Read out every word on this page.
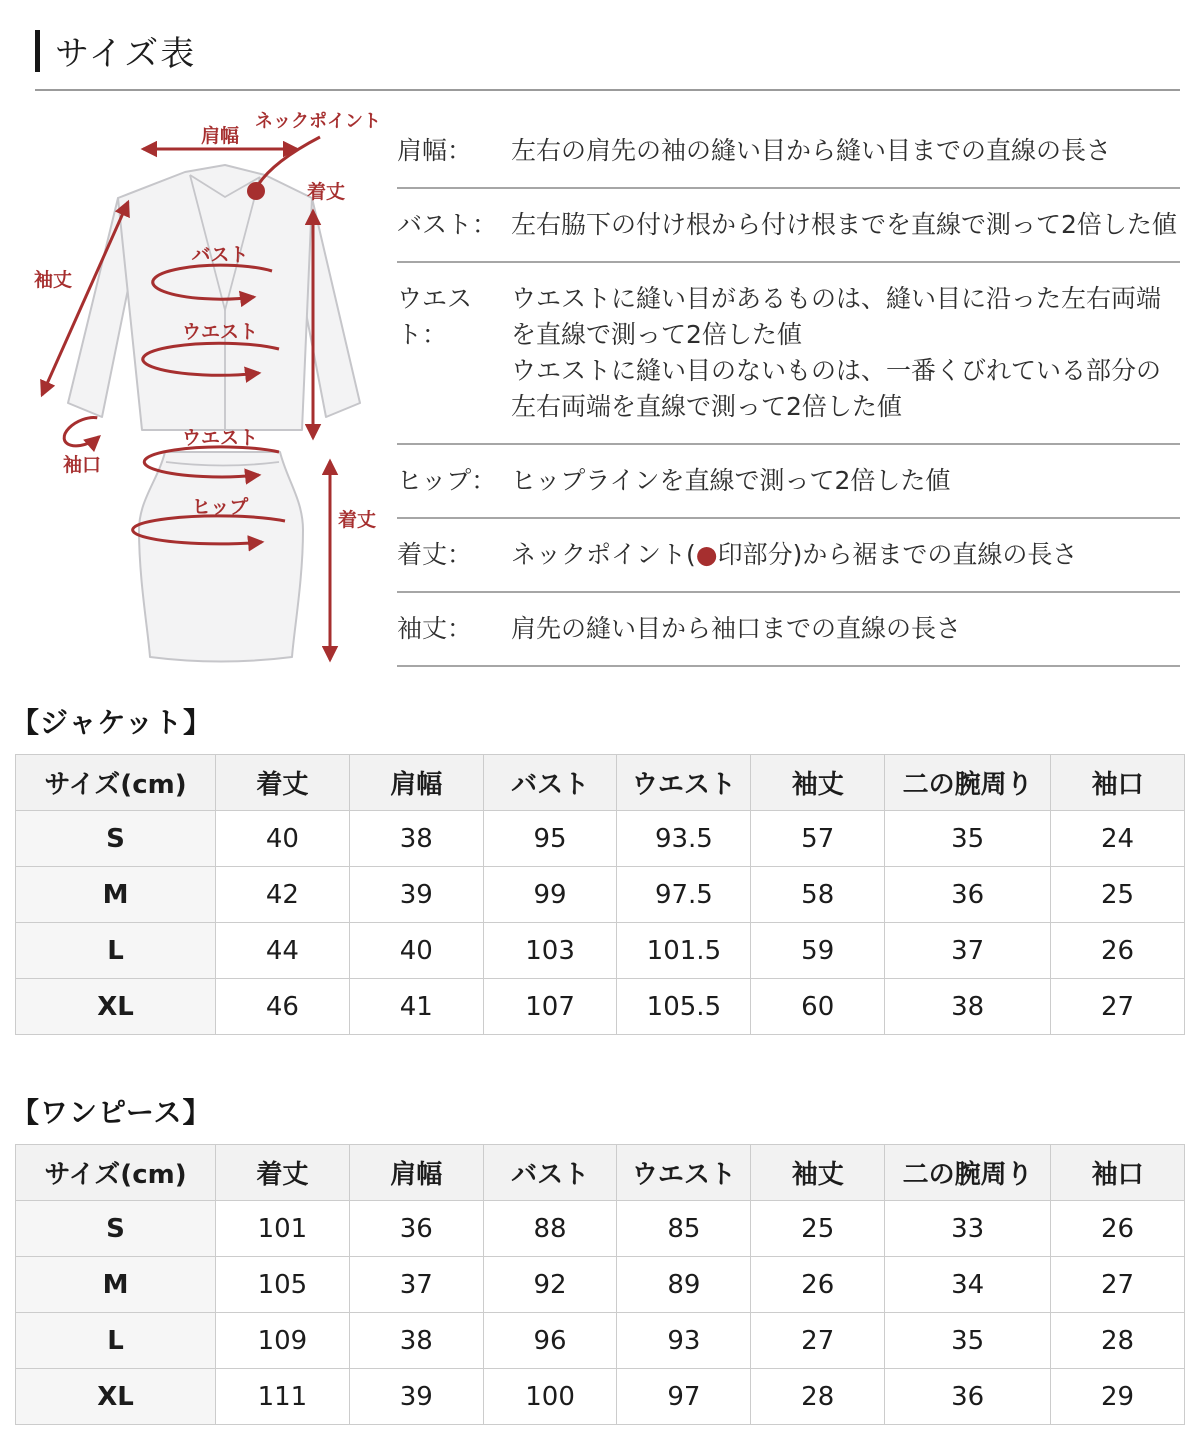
サイズ表
肩幅
ネックポイント
着丈
袖丈
バスト
ウエスト
袖口
ウエスト
ヒップ
着丈
肩幅：	左右の肩先の袖の縫い目から縫い目までの直線の長さ
バスト： 左右脇下の付け根から付け根までを直線で測って2倍した値
ウエスト：
ウエストに縫い目があるものは、縫い目に沿った左右両端
を直線で測って2倍した値
ウエストに縫い目のないものは、一番くびれている部分の
左右両端を直線で測って2倍した値
ヒップ： ヒップラインを直線で測って2倍した値
着丈：	ネックポイント(●印部分)から裾までの直線の長さ
袖丈：	肩先の縫い目から袖口までの直線の長さ
【ジャケット】
サイズ(cm)	着丈	肩幅	バスト	ウエスト	袖丈	二の腕周り	袖口
S	40	38	95	93.5	57	35	24
M	42	39	99	97.5	58	36	25
L	44	40	103	101.5	59	37	26
XL	46	41	107	105.5	60	38	27
【ワンピース】
サイズ(cm)	着丈	肩幅	バスト	ウエスト	袖丈	二の腕周り	袖口
S	101	36	88	85	25	33	26
M	105	37	92	89	26	34	27
L	109	38	96	93	27	35	28
XL	111	39	100	97	28	36	29
